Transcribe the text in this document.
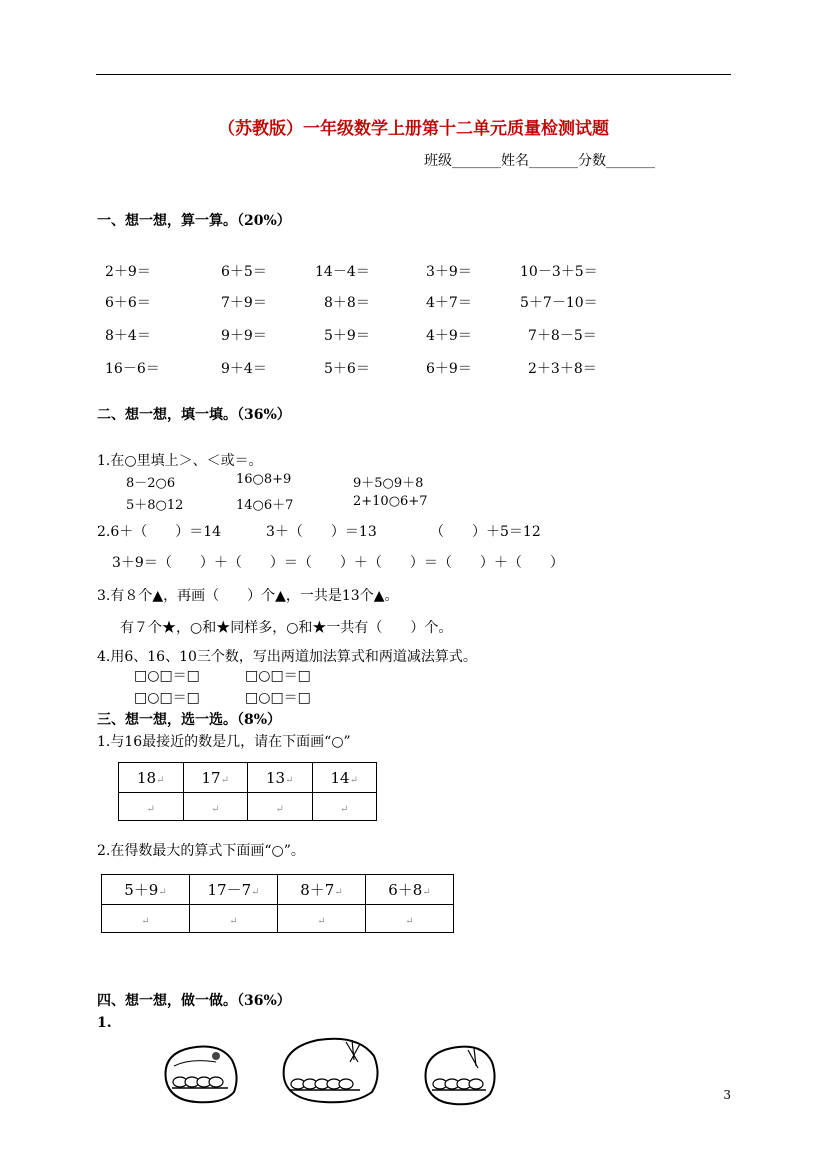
（苏教版）一年级数学上册第十二单元质量检测试题
班级_______姓名_______分数_______
一、想一想，算一算。（20%）
2＋9＝	6＋5＝	14－4＝	3＋9＝	10－3＋5＝
6＋6＝	7＋9＝	8＋8＝	4＋7＝	5＋7－10＝
8＋4＝	9＋9＝	5＋9＝	4＋9＝	7＋8－5＝
16－6＝	9＋4＝	5＋6＝	6＋9＝	2＋3＋8＝
二、想一想，填一填。（36%）
1.在○里填上＞、＜或＝。
8－2○6	16○8+9	9＋5○9＋8
5＋8○12	14○6＋7	2+10○6+7
2.6＋（　　）＝14	3＋（　　）＝13	（　　）＋5＝12
3＋9＝（　　）＋（　　）＝（　　）＋（　　）＝（　　）＋（　　）
3.有８个▲，再画（　　）个▲，一共是13个▲。
有７个★，○和★同样多，○和★一共有（　　）个。
4.用6、16、10三个数，写出两道加法算式和两道减法算式。
□○□＝□	□○□＝□
□○□＝□	□○□＝□
三、想一想，选一选。（8%）
1.与16最接近的数是几，请在下面画“○”
18↵	17↵	13↵	14↵
↵	↵	↵	↵
2.在得数最大的算式下面画“○”。
5＋9↵	17－7↵	8＋7↵	6＋8↵
↵	↵	↵	↵
四、想一想，做一做。（36%）
1.
3
